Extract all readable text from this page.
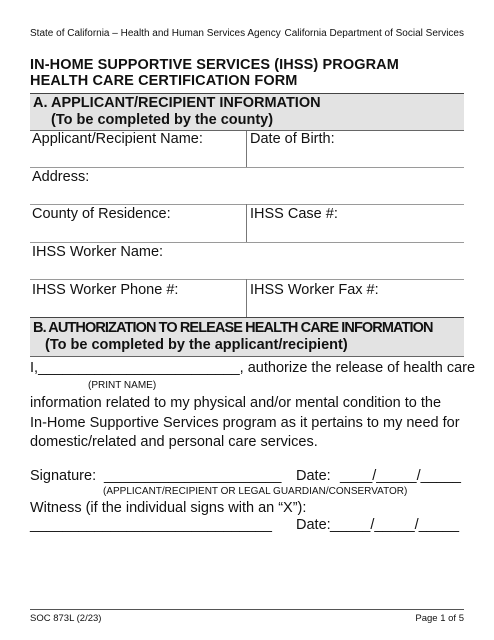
State of California – Health and Human Services Agency California Department of Social Services
IN-HOME SUPPORTIVE SERVICES (IHSS) PROGRAM
HEALTH CARE CERTIFICATION FORM
A. APPLICANT/RECIPIENT INFORMATION
(To be completed by the county)
Applicant/Recipient Name:	Date of Birth:
Address:
County of Residence:	IHSS Case #:
IHSS Worker Name:
IHSS Worker Phone #:	IHSS Worker Fax #:
B. AUTHORIZATION TO RELEASE HEALTH CARE INFORMATION
(To be completed by the applicant/recipient)
I,_________________________, authorize the release of health care
(PRINT NAME)
information related to my physical and/or mental condition to the
In-Home Supportive Services program as it pertains to my need for
domestic/related and personal care services.
Signature: ______________________ Date: ____/_____/_____
(APPLICANT/RECIPIENT OR LEGAL GUARDIAN/CONSERVATOR)
Witness (if the individual signs with an “X”):
______________________________ Date: _____/_____/_____
SOC 873L (2/23)	Page 1 of 5
